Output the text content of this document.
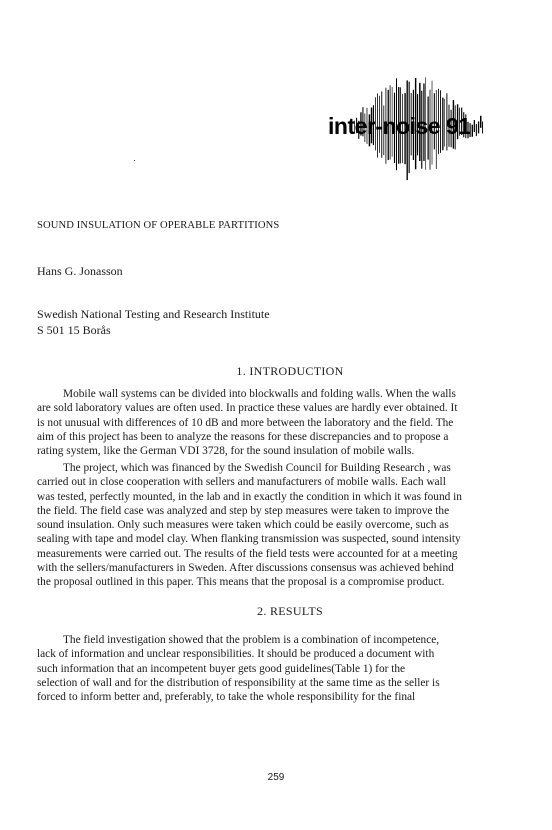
inter-noise 91
SOUND INSULATION OF OPERABLE PARTITIONS
Hans G. Jonasson
Swedish National Testing and Research Institute
S 501 15 Borås
1. INTRODUCTION
Mobile wall systems can be divided into blockwalls and folding walls. When the walls
are sold laboratory values are often used. In practice these values are hardly ever obtained. It
is not unusual with differences of 10 dB and more between the laboratory and the field. The
aim of this project has been to analyze the reasons for these discrepancies and to propose a
rating system, like the German VDI 3728, for the sound insulation of mobile walls.
The project, which was financed by the Swedish Council for Building Research , was
carried out in close cooperation with sellers and manufacturers of mobile walls. Each wall
was tested, perfectly mounted, in the lab and in exactly the condition in which it was found in
the field. The field case was analyzed and step by step measures were taken to improve the
sound insulation. Only such measures were taken which could be easily overcome, such as
sealing with tape and model clay. When flanking transmission was suspected, sound intensity
measurements were carried out. The results of the field tests were accounted for at a meeting
with the sellers/manufacturers in Sweden. After discussions consensus was achieved behind
the proposal outlined in this paper. This means that the proposal is a compromise product.
2. RESULTS
The field investigation showed that the problem is a combination of incompetence,
lack of information and unclear responsibilities. It should be produced a document with
such information that an incompetent buyer gets good guidelines(Table 1) for the
selection of wall and for the distribution of responsibility at the same time as the seller is
forced to inform better and, preferably, to take the whole responsibility for the final
259
